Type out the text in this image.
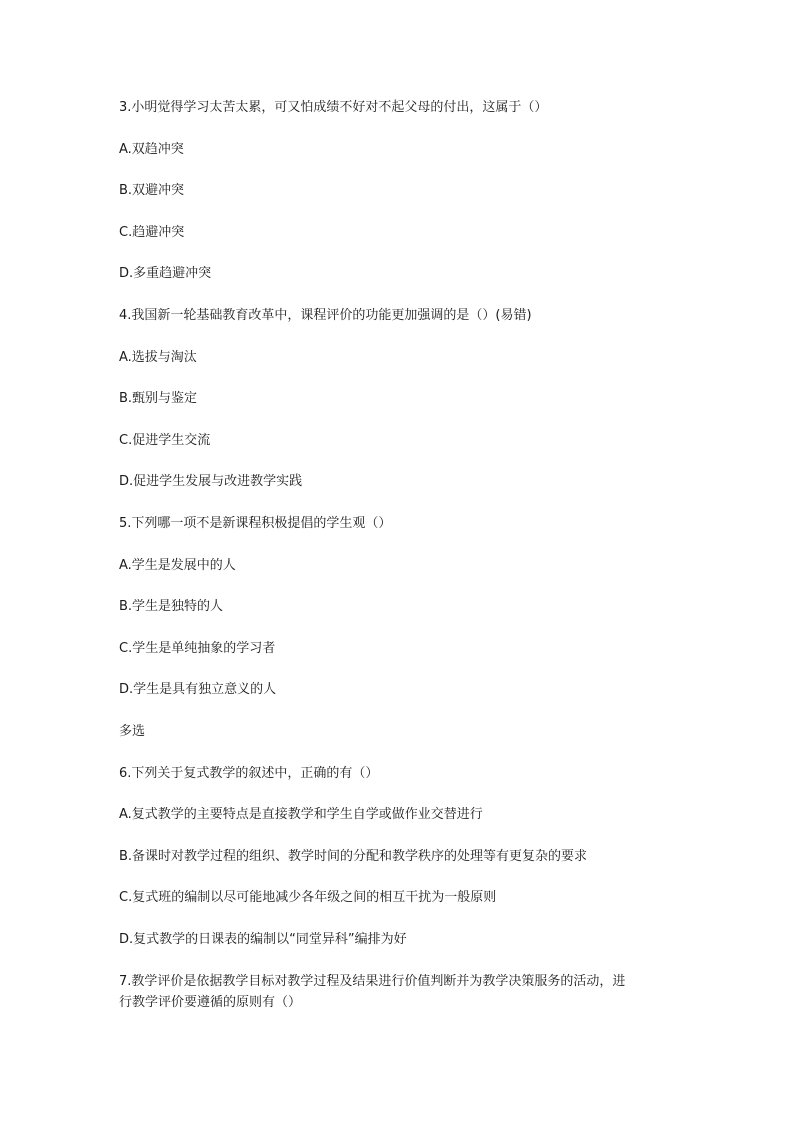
3.小明觉得学习太苦太累，可又怕成绩不好对不起父母的付出，这属于（）
A.双趋冲突
B.双避冲突
C.趋避冲突
D.多重趋避冲突
4.我国新一轮基础教育改革中，课程评价的功能更加强调的是（）(易错)
A.选拔与淘汰
B.甄别与鉴定
C.促进学生交流
D.促进学生发展与改进教学实践
5.下列哪一项不是新课程积极提倡的学生观（）
A.学生是发展中的人
B.学生是独特的人
C.学生是单纯抽象的学习者
D.学生是具有独立意义的人
多选
6.下列关于复式教学的叙述中，正确的有（）
A.复式教学的主要特点是直接教学和学生自学或做作业交替进行
B.备课时对教学过程的组织、教学时间的分配和教学秩序的处理等有更复杂的要求
C.复式班的编制以尽可能地减少各年级之间的相互干扰为一般原则
D.复式教学的日课表的编制以“同堂异科”编排为好
7.教学评价是依据教学目标对教学过程及结果进行价值判断并为教学决策服务的活动，进
行教学评价要遵循的原则有（）
